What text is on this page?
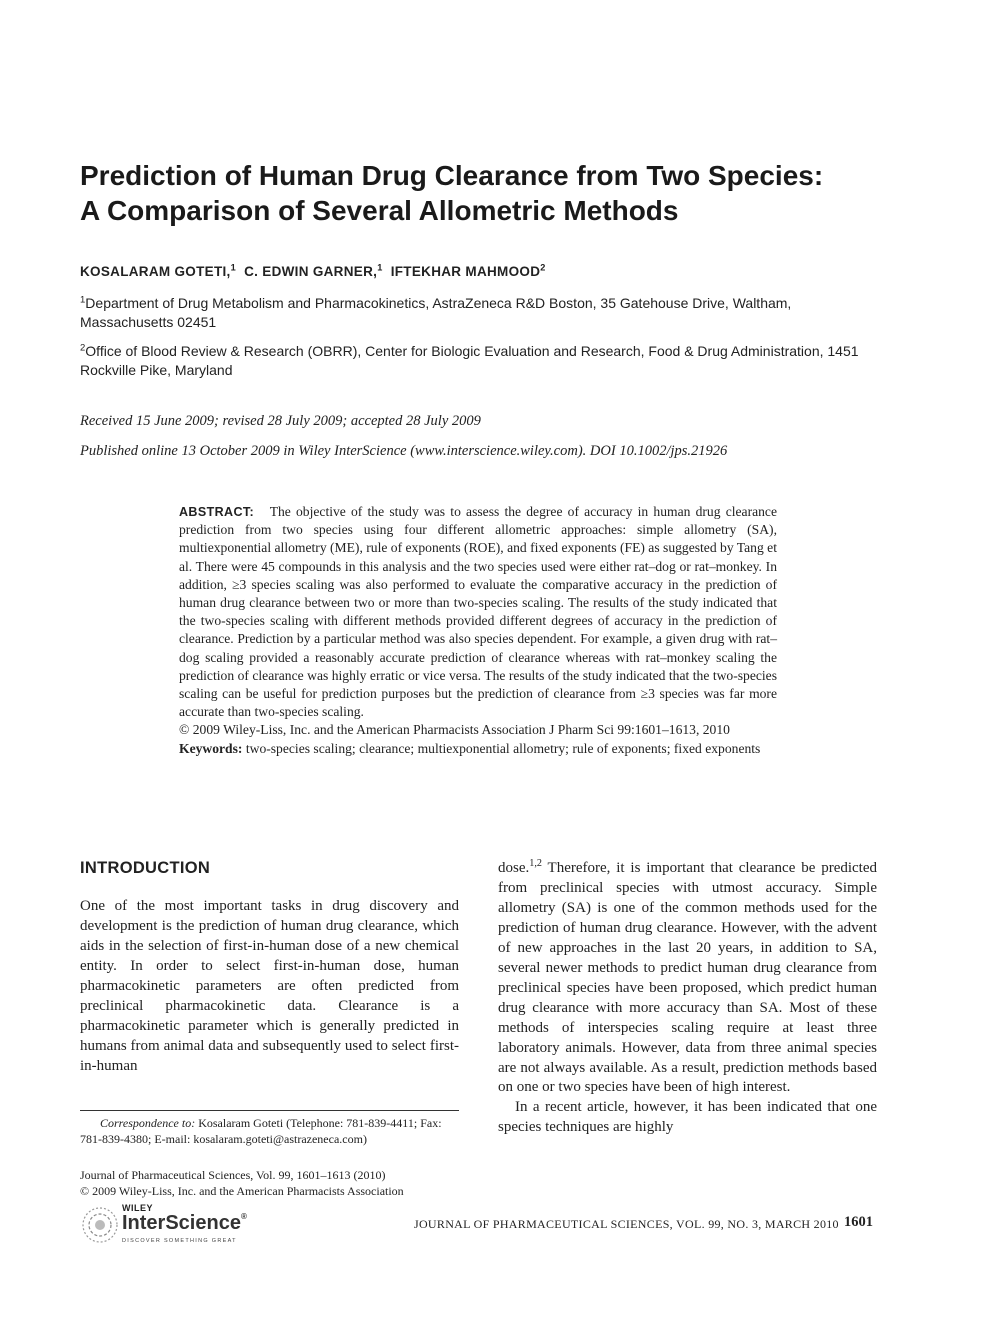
Prediction of Human Drug Clearance from Two Species:
A Comparison of Several Allometric Methods
KOSALARAM GOTETI,$^1$ C. EDWIN GARNER,$^1$ IFTEKHAR MAHMOOD$^2$
$^1$Department of Drug Metabolism and Pharmacokinetics, AstraZeneca R&D Boston, 35 Gatehouse Drive, Waltham, Massachusetts 02451
$^2$Office of Blood Review & Research (OBRR), Center for Biologic Evaluation and Research, Food & Drug Administration, 1451 Rockville Pike, Maryland
Received 15 June 2009; revised 28 July 2009; accepted 28 July 2009
Published online 13 October 2009 in Wiley InterScience (www.interscience.wiley.com). DOI 10.1002/jps.21926
ABSTRACT: The objective of the study was to assess the degree of accuracy in human drug clearance prediction from two species using four different allometric approaches: simple allometry (SA), multiexponential allometry (ME), rule of exponents (ROE), and fixed exponents (FE) as suggested by Tang et al. There were 45 compounds in this analysis and the two species used were either rat–dog or rat–monkey. In addition, ≥3 species scaling was also performed to evaluate the comparative accuracy in the prediction of human drug clearance between two or more than two-species scaling. The results of the study indicated that the two-species scaling with different methods provided different degrees of accuracy in the prediction of clearance. Prediction by a particular method was also species dependent. For example, a given drug with rat–dog scaling provided a reasonably accurate prediction of clearance whereas with rat–monkey scaling the prediction of clearance was highly erratic or vice versa. The results of the study indicated that the two-species scaling can be useful for prediction purposes but the prediction of clearance from ≥3 species was far more accurate than two-species scaling.
© 2009 Wiley-Liss, Inc. and the American Pharmacists Association J Pharm Sci 99:1601–1613, 2010
Keywords: two-species scaling; clearance; multiexponential allometry; rule of exponents; fixed exponents
INTRODUCTION
One of the most important tasks in drug discovery and development is the prediction of human drug clearance, which aids in the selection of first-in-human dose of a new chemical entity. In order to select first-in-human dose, human pharmacokinetic parameters are often predicted from preclinical pharmacokinetic data. Clearance is a pharmacokinetic parameter which is generally predicted in humans from animal data and subsequently used to select first-in-human

dose.$^{1,2}$ Therefore, it is important that clearance be predicted from preclinical species with utmost accuracy. Simple allometry (SA) is one of the common methods used for the prediction of human drug clearance. However, with the advent of new approaches in the last 20 years, in addition to SA, several newer methods to predict human drug clearance from preclinical species have been proposed, which predict human drug clearance with more accuracy than SA. Most of these methods of interspecies scaling require at least three laboratory animals. However, data from three animal species are not always available. As a result, prediction methods based on one or two species have been of high interest.

In a recent article, however, it has been indicated that one species techniques are highly

Correspondence to: Kosalaram Goteti (Telephone: 781-839-4411; Fax: 781-839-4380; E-mail: kosalaram.goteti@astrazeneca.com)
Journal of Pharmaceutical Sciences, Vol. 99, 1601–1613 (2010)
© 2009 Wiley-Liss, Inc. and the American Pharmacists Association
WILEY
InterScience®
DISCOVER SOMETHING GREAT
JOURNAL OF PHARMACEUTICAL SCIENCES, VOL. 99, NO. 3, MARCH 2010 1601
